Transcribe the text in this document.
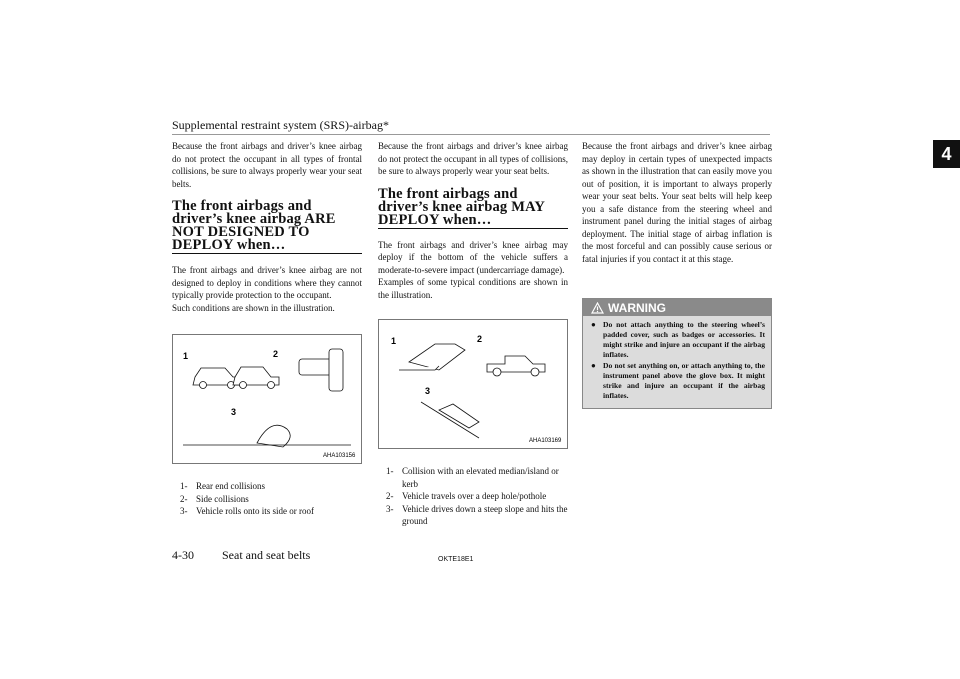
Supplemental restraint system (SRS)-airbag*
4

Because the front airbags and driver’s knee airbag do not protect the occupant in all types of frontal collisions, be sure to always properly wear your seat belts.

The front airbags and driver’s knee airbag ARE NOT DESIGNED TO DEPLOY when…

The front airbags and driver’s knee airbag are not designed to deploy in conditions where they cannot typically provide protection to the occupant.

Such conditions are shown in the illustration.

1	2
3
AHA103156

1- Rear end collisions

2- Side collisions

3- Vehicle rolls onto its side or roof

Because the front airbags and driver’s knee airbag do not protect the occupant in all types of collisions, be sure to always properly wear your seat belts.

The front airbags and driver’s knee airbag MAY DEPLOY when…

The front airbags and driver’s knee airbag may deploy if the bottom of the vehicle suffers a moderate-to-severe impact (undercarriage damage).

Examples of some typical conditions are shown in the illustration.

1	2
3
AHA103169

1- Collision with an elevated median/island or kerb

2- Vehicle travels over a deep hole/pothole

3- Vehicle drives down a steep slope and hits the ground

Because the front airbags and driver’s knee airbag may deploy in certain types of unexpected impacts as shown in the illustration that can easily move you out of position, it is important to always properly wear your seat belts. Your seat belts will help keep you a safe distance from the steering wheel and instrument panel during the initial stages of airbag deployment. The initial stage of airbag inflation is the most forceful and can possibly cause serious or fatal injuries if you contact it at this stage.

WARNING
● Do not attach anything to the steering wheel’s padded cover, such as badges or accessories. It might strike and injure an occupant if the airbag inflates.
● Do not set anything on, or attach anything to, the instrument panel above the glove box. It might strike and injure an occupant if the airbag inflates.
4-30 Seat and seat belts	OKTE18E1
